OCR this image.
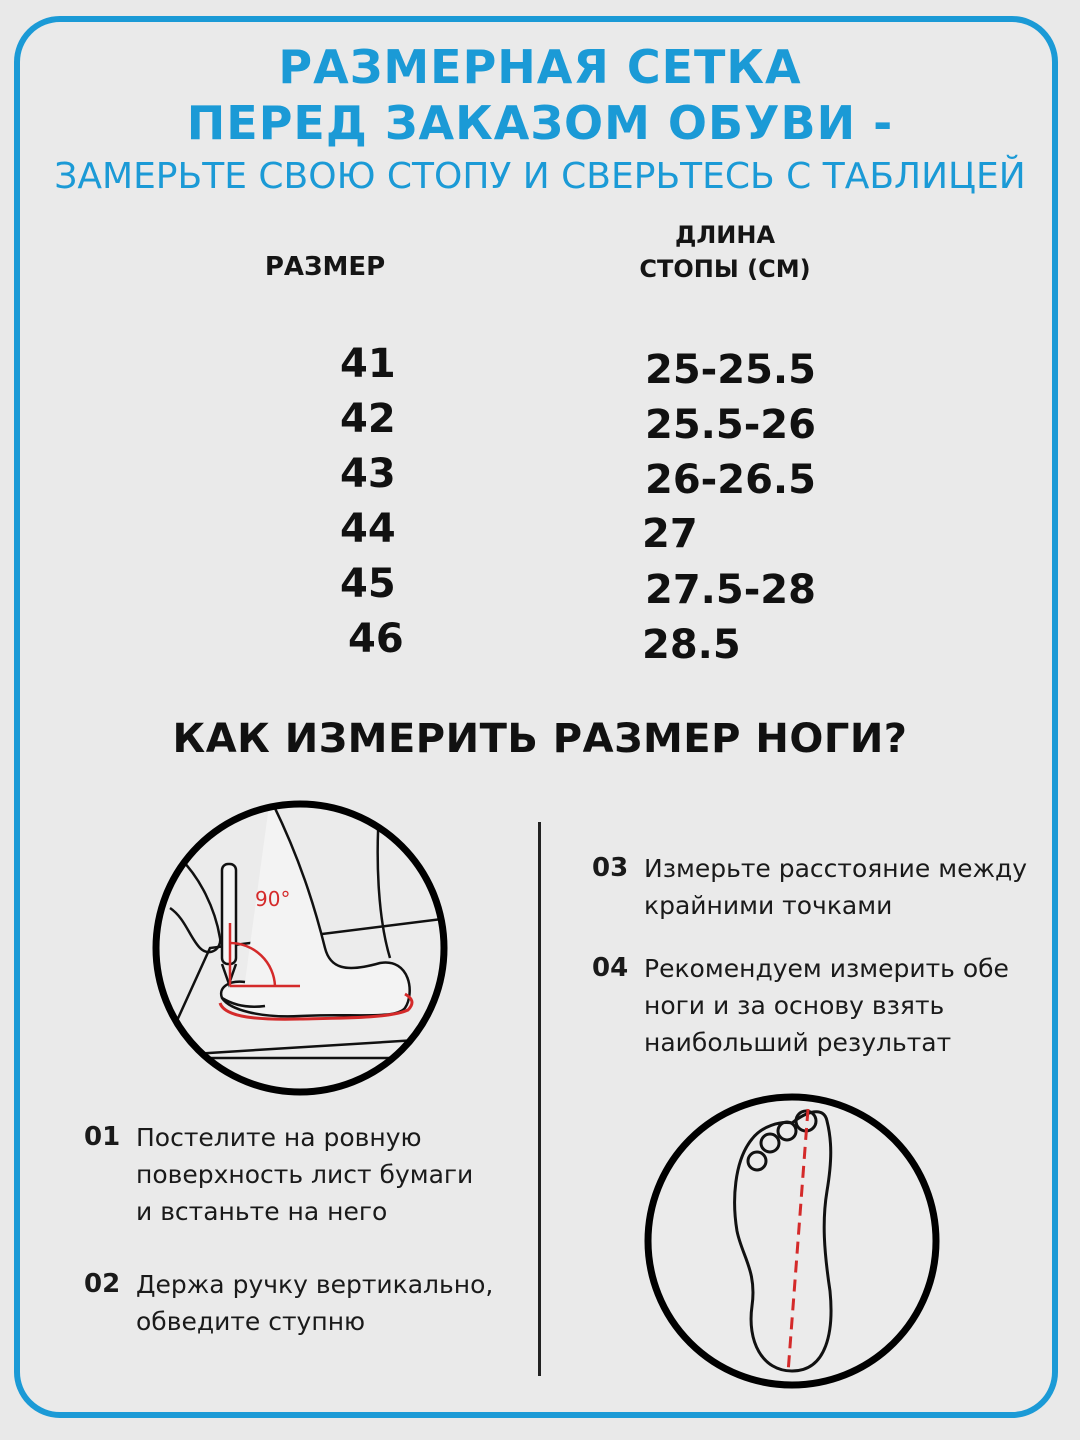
РАЗМЕРНАЯ СЕТКА
ПЕРЕД ЗАКАЗОМ ОБУВИ -
ЗАМЕРЬТЕ СВОЮ СТОПУ И СВЕРЬТЕСЬ С ТАБЛИЦЕЙ
РАЗМЕР
ДЛИНА
СТОПЫ (СМ)
41
42
43
44
45
46
25-25.5
25.5-26
26-26.5
27
27.5-28
28.5
КАК ИЗМЕРИТЬ РАЗМЕР НОГИ?
90°
01 Постелите на ровную
поверхность лист бумаги
и встаньте на него
02 Держа ручку вертикально,
обведите ступню
03 Измерьте расстояние между
крайними точками
04 Рекомендуем измерить обе
ноги и за основу взять
наибольший результат
